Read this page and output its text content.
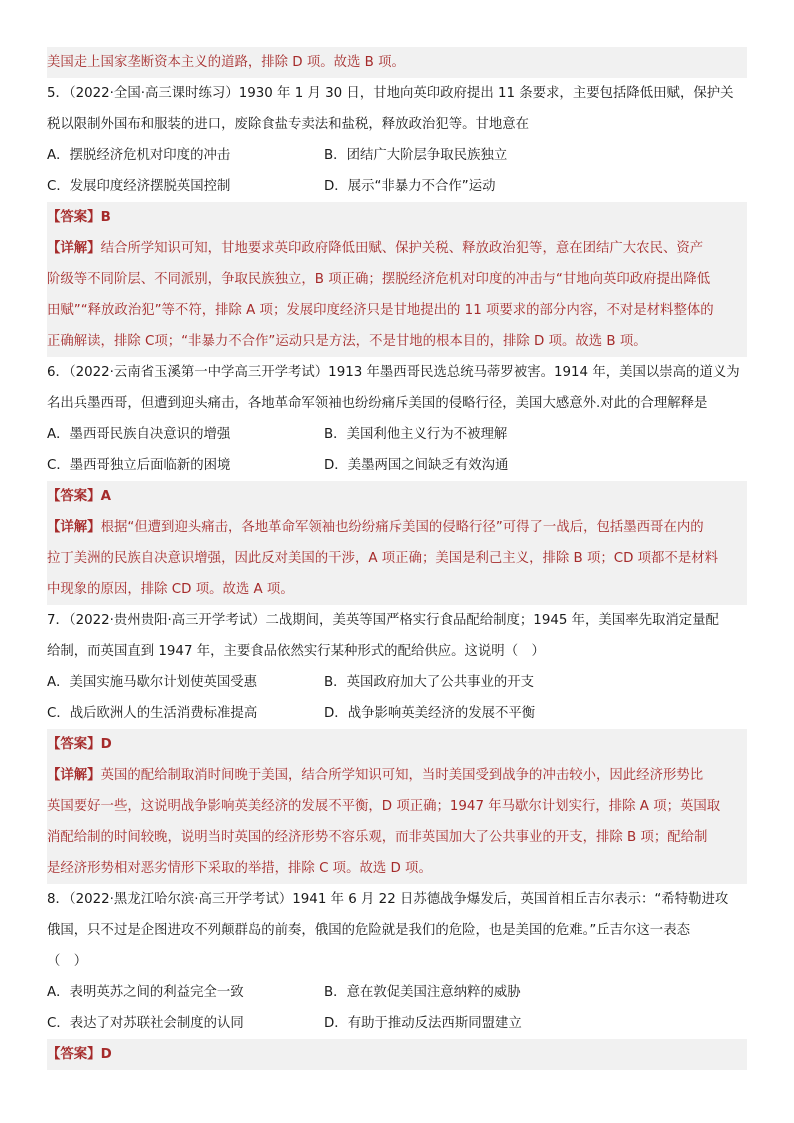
美国走上国家垄断资本主义的道路，排除 D 项。故选 B 项。
5．（2022·全国·高三课时练习）1930 年 1 月 30 日，甘地向英印政府提出 11 条要求，主要包括降低田赋，保护关
税以限制外国布和服装的进口，废除食盐专卖法和盐税，释放政治犯等。甘地意在
A．摆脱经济危机对印度的冲击	B．团结广大阶层争取民族独立
C．发展印度经济摆脱英国控制	D．展示“非暴力不合作”运动
【答案】B
【详解】结合所学知识可知，甘地要求英印政府降低田赋、保护关税、释放政治犯等，意在团结广大农民、资产
阶级等不同阶层、不同派别，争取民族独立，B 项正确；摆脱经济危机对印度的冲击与“甘地向英印政府提出降低
田赋”“释放政治犯”等不符，排除 A 项；发展印度经济只是甘地提出的 11 项要求的部分内容，不对是材料整体的
正确解读，排除 C项；“非暴力不合作”运动只是方法，不是甘地的根本目的，排除 D 项。故选 B 项。
6．（2022·云南省玉溪第一中学高三开学考试）1913 年墨西哥民选总统马蒂罗被害。1914 年，美国以崇高的道义为
名出兵墨西哥，但遭到迎头痛击，各地革命军领袖也纷纷痛斥美国的侵略行径，美国大感意外.对此的合理解释是
A．墨西哥民族自决意识的增强	B．美国利他主义行为不被理解
C．墨西哥独立后面临新的困境	D．美墨两国之间缺乏有效沟通
【答案】A
【详解】根据“但遭到迎头痛击，各地革命军领袖也纷纷痛斥美国的侵略行径”可得了一战后，包括墨西哥在内的
拉丁美洲的民族自决意识增强，因此反对美国的干涉，A 项正确；美国是利己主义，排除 B 项；CD 项都不是材料
中现象的原因，排除 CD 项。故选 A 项。
7．（2022·贵州贵阳·高三开学考试）二战期间，美英等国严格实行食品配给制度；1945 年，美国率先取消定量配
给制，而英国直到 1947 年，主要食品依然实行某种形式的配给供应。这说明（　）
A．美国实施马歇尔计划使英国受惠	B．英国政府加大了公共事业的开支
C．战后欧洲人的生活消费标准提高	D．战争影响英美经济的发展不平衡
【答案】D
【详解】英国的配给制取消时间晚于美国，结合所学知识可知，当时美国受到战争的冲击较小，因此经济形势比
英国要好一些，这说明战争影响英美经济的发展不平衡，D 项正确；1947 年马歇尔计划实行，排除 A 项；英国取
消配给制的时间较晚，说明当时英国的经济形势不容乐观，而非英国加大了公共事业的开支，排除 B 项；配给制
是经济形势相对恶劣情形下采取的举措，排除 C 项。故选 D 项。
8．（2022·黑龙江哈尔滨·高三开学考试）1941 年 6 月 22 日苏德战争爆发后，英国首相丘吉尔表示：“希特勒进攻
俄国，只不过是企图进攻不列颠群岛的前奏，俄国的危险就是我们的危险，也是美国的危难。”丘吉尔这一表态
（　）
A．表明英苏之间的利益完全一致	B．意在敦促美国注意纳粹的威胁
C．表达了对苏联社会制度的认同	D．有助于推动反法西斯同盟建立
【答案】D
